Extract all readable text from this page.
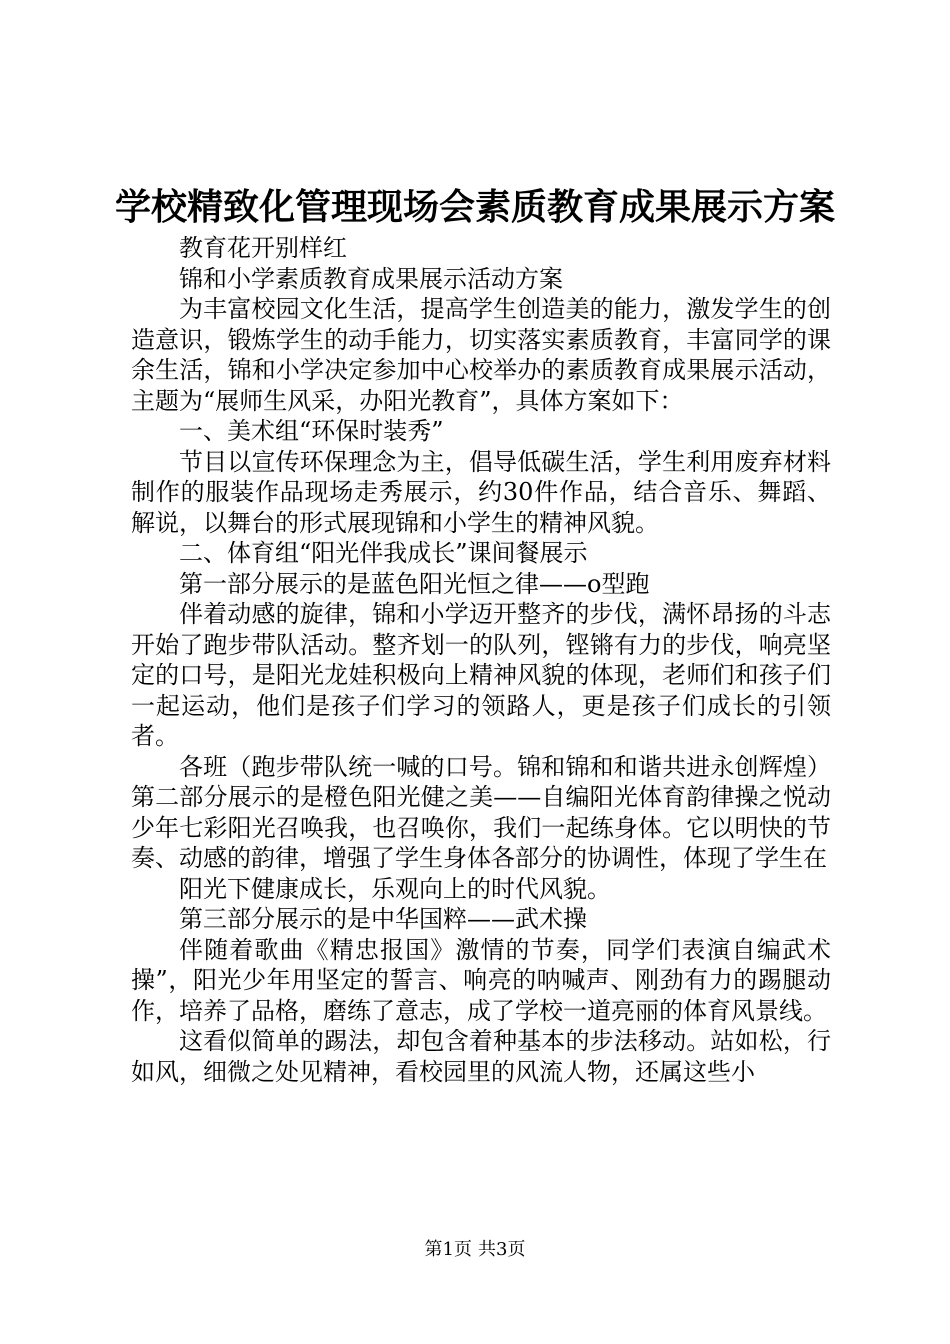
学校精致化管理现场会素质教育成果展示方案

教育花开别样红

锦和小学素质教育成果展示活动方案

为丰富校园文化生活，提高学生创造美的能力，激发学生的创造意识，锻炼学生的动手能力，切实落实素质教育，丰富同学的课余生活，锦和小学决定参加中心校举办的素质教育成果展示活动，主题为“展师生风采，办阳光教育”，具体方案如下：

一、美术组“环保时装秀”

节目以宣传环保理念为主，倡导低碳生活，学生利用废弃材料制作的服装作品现场走秀展示，约30件作品，结合音乐、舞蹈、解说，以舞台的形式展现锦和小学生的精神风貌。

二、体育组“阳光伴我成长”课间餐展示

第一部分展示的是蓝色阳光恒之律——o型跑

伴着动感的旋律，锦和小学迈开整齐的步伐，满怀昂扬的斗志开始了跑步带队活动。整齐划一的队列，铿锵有力的步伐，响亮坚定的口号，是阳光龙娃积极向上精神风貌的体现，老师们和孩子们一起运动，他们是孩子们学习的领路人，更是孩子们成长的引领者。

各班（跑步带队统一喊的口号。锦和锦和和谐共进永创辉煌）第二部分展示的是橙色阳光健之美——自编阳光体育韵律操之悦动少年七彩阳光召唤我，也召唤你，我们一起练身体。它以明快的节奏、动感的韵律，增强了学生身体各部分的协调性，体现了学生在

阳光下健康成长，乐观向上的时代风貌。

第三部分展示的是中华国粹——武术操

伴随着歌曲《精忠报国》激情的节奏，同学们表演自编武术操”，阳光少年用坚定的誓言、响亮的呐喊声、刚劲有力的踢腿动作，培养了品格，磨练了意志，成了学校一道亮丽的体育风景线。

这看似简单的踢法，却包含着种基本的步法移动。站如松，行如风，细微之处见精神，看校园里的风流人物，还属这些小

第1页 共3页
